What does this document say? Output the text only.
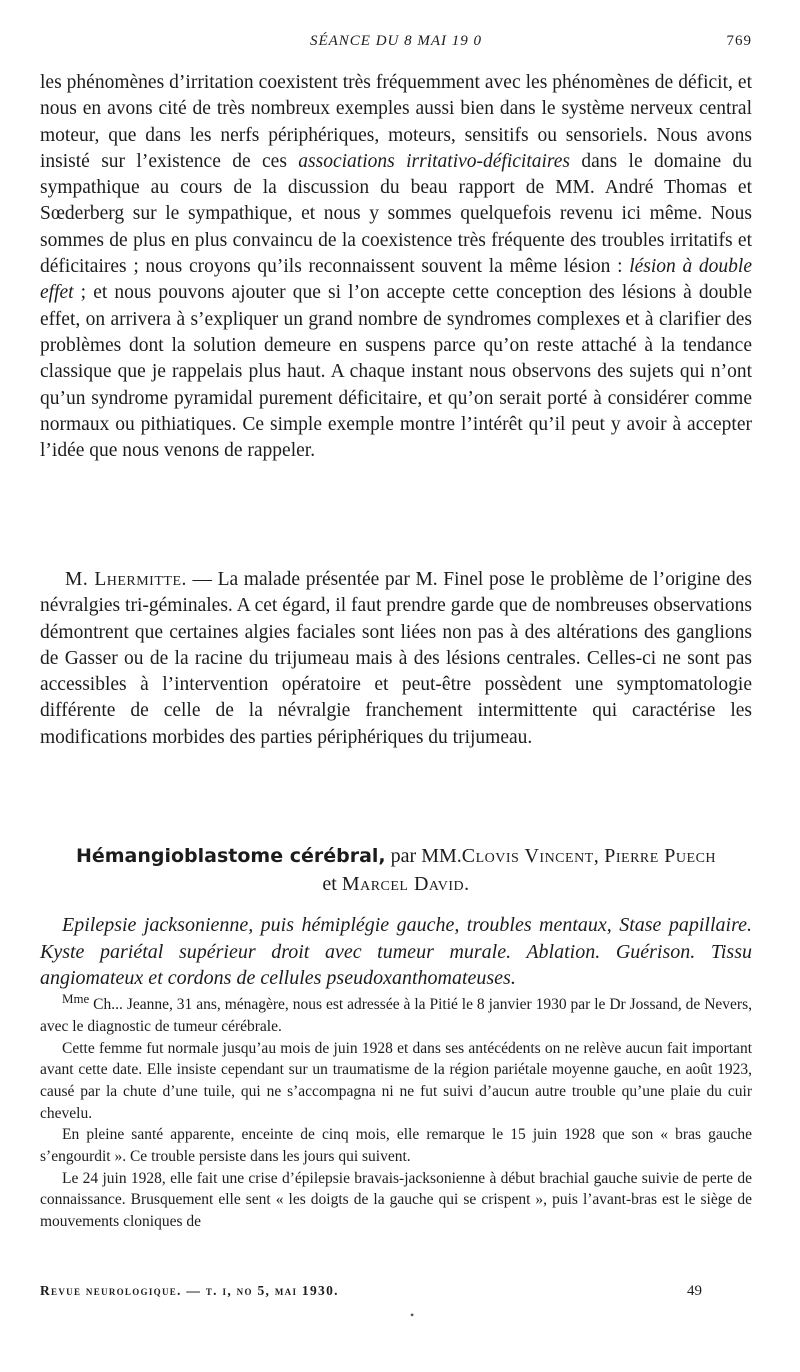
SÉANCE DU 8 MAI 19 0	769

les phénomènes d’irritation coexistent très fréquemment avec les phénomènes de déficit, et nous en avons cité de très nombreux exemples aussi bien dans le système nerveux central moteur, que dans les nerfs périphériques, moteurs, sensitifs ou sensoriels. Nous avons insisté sur l’existence de ces associations irritativo-déficitaires dans le domaine du sympathique au cours de la discussion du beau rapport de MM. André Thomas et Sœderberg sur le sympathique, et nous y sommes quelquefois revenu ici même. Nous sommes de plus en plus convaincu de la coexistence très fréquente des troubles irritatifs et déficitaires ; nous croyons qu’ils reconnaissent souvent la même lésion : lésion à double effet ; et nous pouvons ajouter que si l’on accepte cette conception des lésions à double effet, on arrivera à s’expliquer un grand nombre de syndromes complexes et à clarifier des problèmes dont la solution demeure en suspens parce qu’on reste attaché à la tendance classique que je rappelais plus haut. A chaque instant nous observons des sujets qui n’ont qu’un syndrome pyramidal purement déficitaire, et qu’on serait porté à considérer comme normaux ou pithiatiques. Ce simple exemple montre l’intérêt qu’il peut y avoir à accepter l’idée que nous venons de rappeler.

M. Lhermitte. — La malade présentée par M. Finel pose le problème de l’origine des névralgies tri-géminales. A cet égard, il faut prendre garde que de nombreuses observations démontrent que certaines algies faciales sont liées non pas à des altérations des ganglions de Gasser ou de la racine du trijumeau mais à des lésions centrales. Celles-ci ne sont pas accessibles à l’intervention opératoire et peut-être possèdent une symptomatologie différente de celle de la névralgie franchement intermittente qui caractérise les modifications morbides des parties périphériques du trijumeau.

Hémangioblastome cérébral, par MM.Clovis Vincent, Pierre Puech
et Marcel David.

Epilepsie jacksonienne, puis hémiplégie gauche, troubles mentaux, Stase papillaire. Kyste pariétal supérieur droit avec tumeur murale. Ablation. Guérison. Tissu angiomateux et cordons de cellules pseudoxanthomateuses.

$^{Mme}$ Ch... Jeanne, 31 ans, ménagère, nous est adressée à la Pitié le 8 janvier 1930 par le Dr Jossand, de Nevers, avec le diagnostic de tumeur cérébrale.

Cette femme fut normale jusqu’au mois de juin 1928 et dans ses antécédents on ne relève aucun fait important avant cette date. Elle insiste cependant sur un traumatisme de la région pariétale moyenne gauche, en août 1923, causé par la chute d’une tuile, qui ne s’accompagna ni ne fut suivi d’aucun autre trouble qu’une plaie du cuir chevelu.

En pleine santé apparente, enceinte de cinq mois, elle remarque le 15 juin 1928 que son « bras gauche s’engourdit ». Ce trouble persiste dans les jours qui suivent.

Le 24 juin 1928, elle fait une crise d’épilepsie bravais-jacksonienne à début brachial gauche suivie de perte de connaissance. Brusquement elle sent « les doigts de la gauche qui se crispent », puis l’avant-bras est le siège de mouvements cloniques de

Revue neurologique. — t. i, no 5, mai 1930.	49
•
